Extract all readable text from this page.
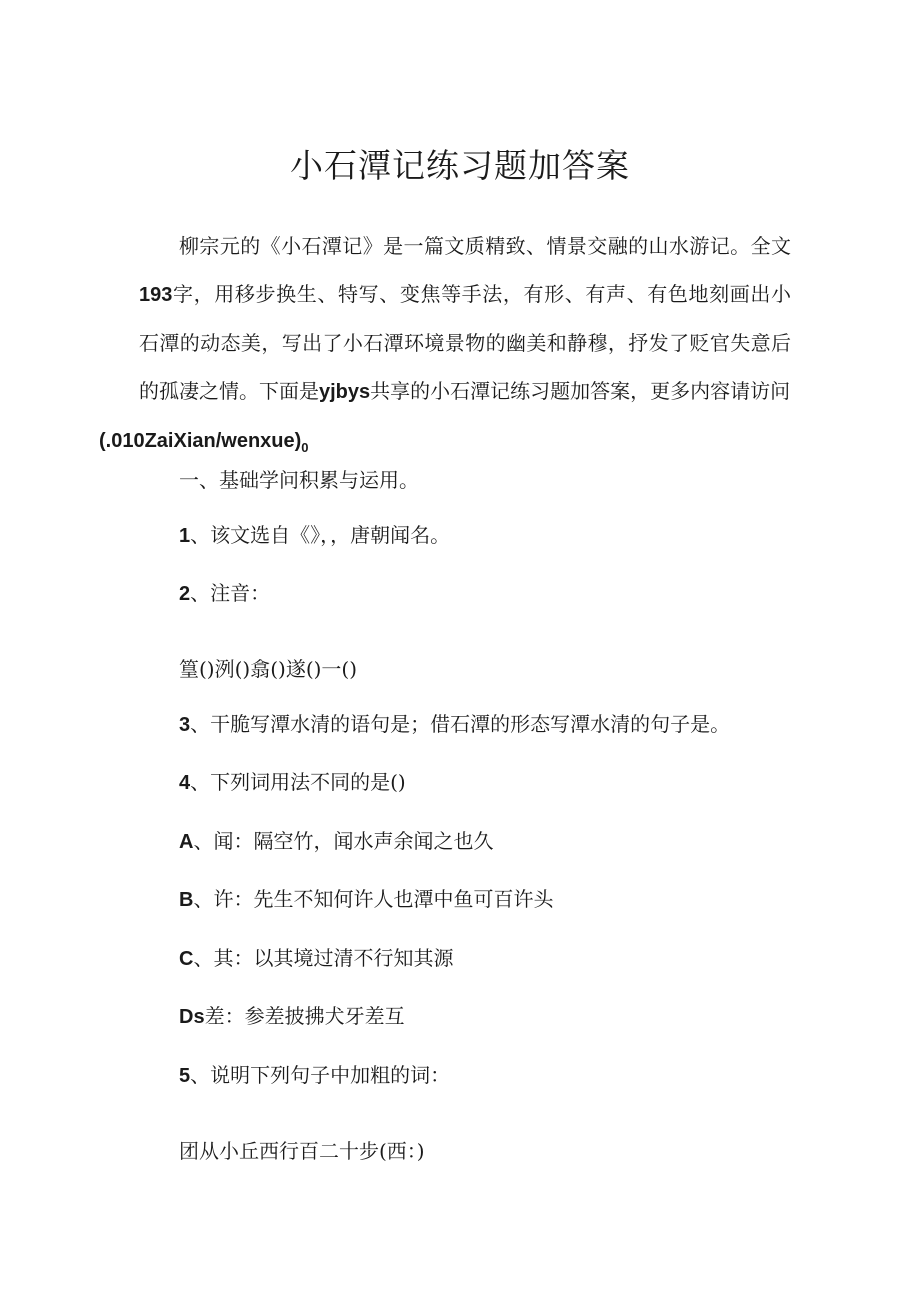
小石潭记练习题加答案

柳宗元的《小石潭记》是一篇文质精致、情景交融的山水游记。全文193字，用移步换生、特写、变焦等手法，有形、有声、有色地刻画出小石潭的动态美，写出了小石潭环境景物的幽美和静穆，抒发了贬官失意后的孤凄之情。下面是yjbys共享的小石潭记练习题加答案，更多内容请访问
$(.010ZaiXian/wenxue)_0$

一、基础学问积累与运用。

1、该文选自《》，，唐朝闻名。

2、注音：

篁()洌()翕()遂()一()

3、干脆写潭水清的语句是；借石潭的形态写潭水清的句子是。

4、下列词用法不同的是()

A、闻：隔空竹，闻水声余闻之也久

B、许：先生不知何许人也潭中鱼可百许头

C、其：以其境过清不行知其源

Ds差：参差披拂犬牙差互

5、说明下列句子中加粗的词：

团从小丘西行百二十步(西：)
